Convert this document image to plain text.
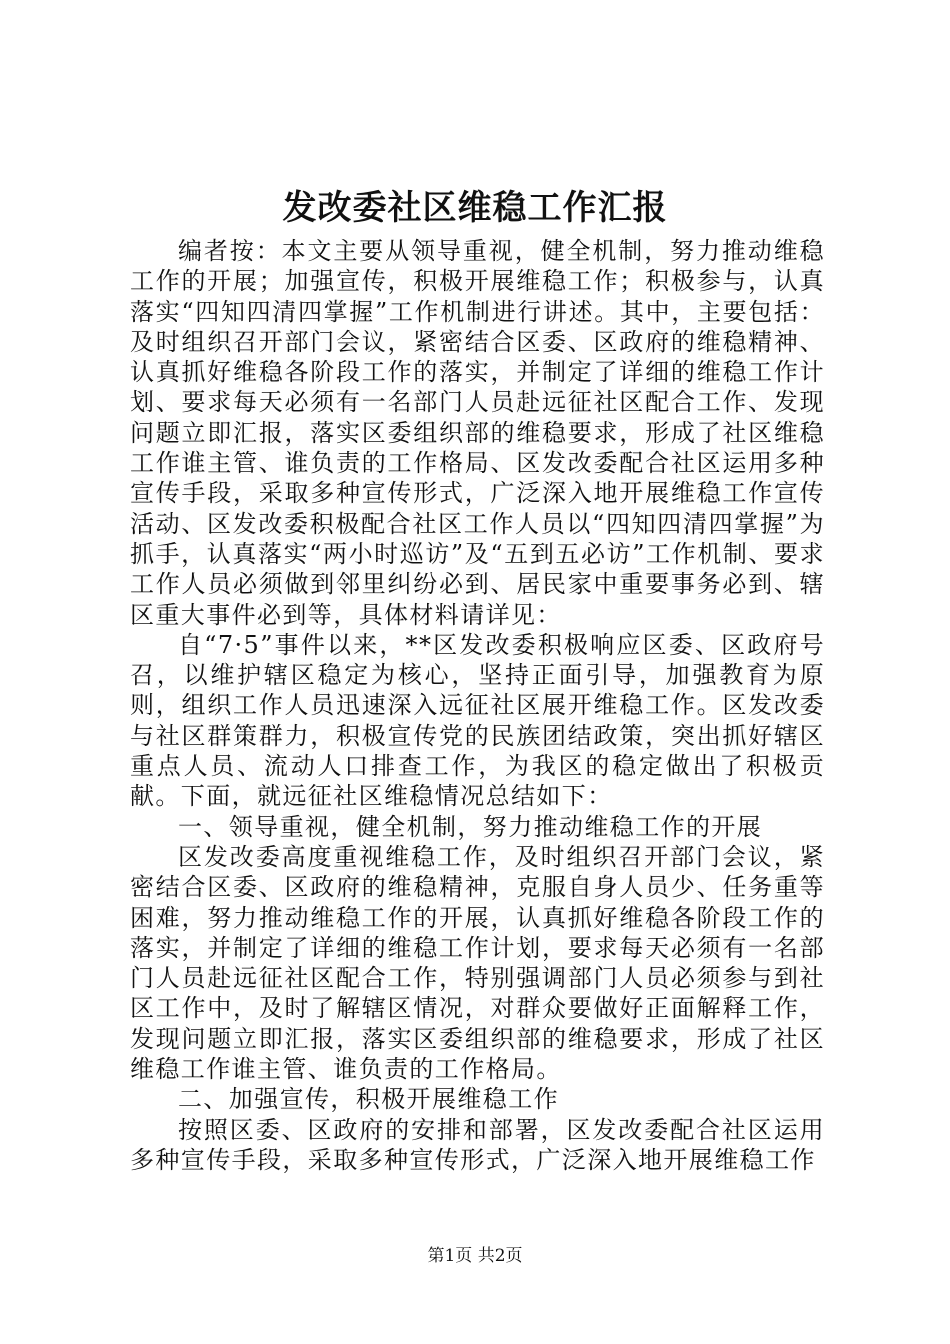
发改委社区维稳工作汇报

编者按：本文主要从领导重视，健全机制，努力推动维稳工作的开展；加强宣传，积极开展维稳工作；积极参与，认真落实“四知四清四掌握”工作机制进行讲述。其中，主要包括：及时组织召开部门会议，紧密结合区委、区政府的维稳精神、认真抓好维稳各阶段工作的落实，并制定了详细的维稳工作计划、要求每天必须有一名部门人员赴远征社区配合工作、发现问题立即汇报，落实区委组织部的维稳要求，形成了社区维稳工作谁主管、谁负责的工作格局、区发改委配合社区运用多种宣传手段，采取多种宣传形式，广泛深入地开展维稳工作宣传活动、区发改委积极配合社区工作人员以“四知四清四掌握”为抓手，认真落实“两小时巡访”及“五到五必访”工作机制、要求工作人员必须做到邻里纠纷必到、居民家中重要事务必到、辖区重大事件必到等，具体材料请详见：

自“7·5”事件以来，**区发改委积极响应区委、区政府号召，以维护辖区稳定为核心，坚持正面引导，加强教育为原则，组织工作人员迅速深入远征社区展开维稳工作。区发改委与社区群策群力，积极宣传党的民族团结政策，突出抓好辖区重点人员、流动人口排查工作，为我区的稳定做出了积极贡献。下面，就远征社区维稳情况总结如下：

一、领导重视，健全机制，努力推动维稳工作的开展

区发改委高度重视维稳工作，及时组织召开部门会议，紧密结合区委、区政府的维稳精神，克服自身人员少、任务重等困难，努力推动维稳工作的开展，认真抓好维稳各阶段工作的落实，并制定了详细的维稳工作计划，要求每天必须有一名部门人员赴远征社区配合工作，特别强调部门人员必须参与到社区工作中，及时了解辖区情况，对群众要做好正面解释工作，发现问题立即汇报，落实区委组织部的维稳要求，形成了社区维稳工作谁主管、谁负责的工作格局。

二、加强宣传，积极开展维稳工作

按照区委、区政府的安排和部署，区发改委配合社区运用多种宣传手段，采取多种宣传形式，广泛深入地开展维稳工作

第1页 共2页
